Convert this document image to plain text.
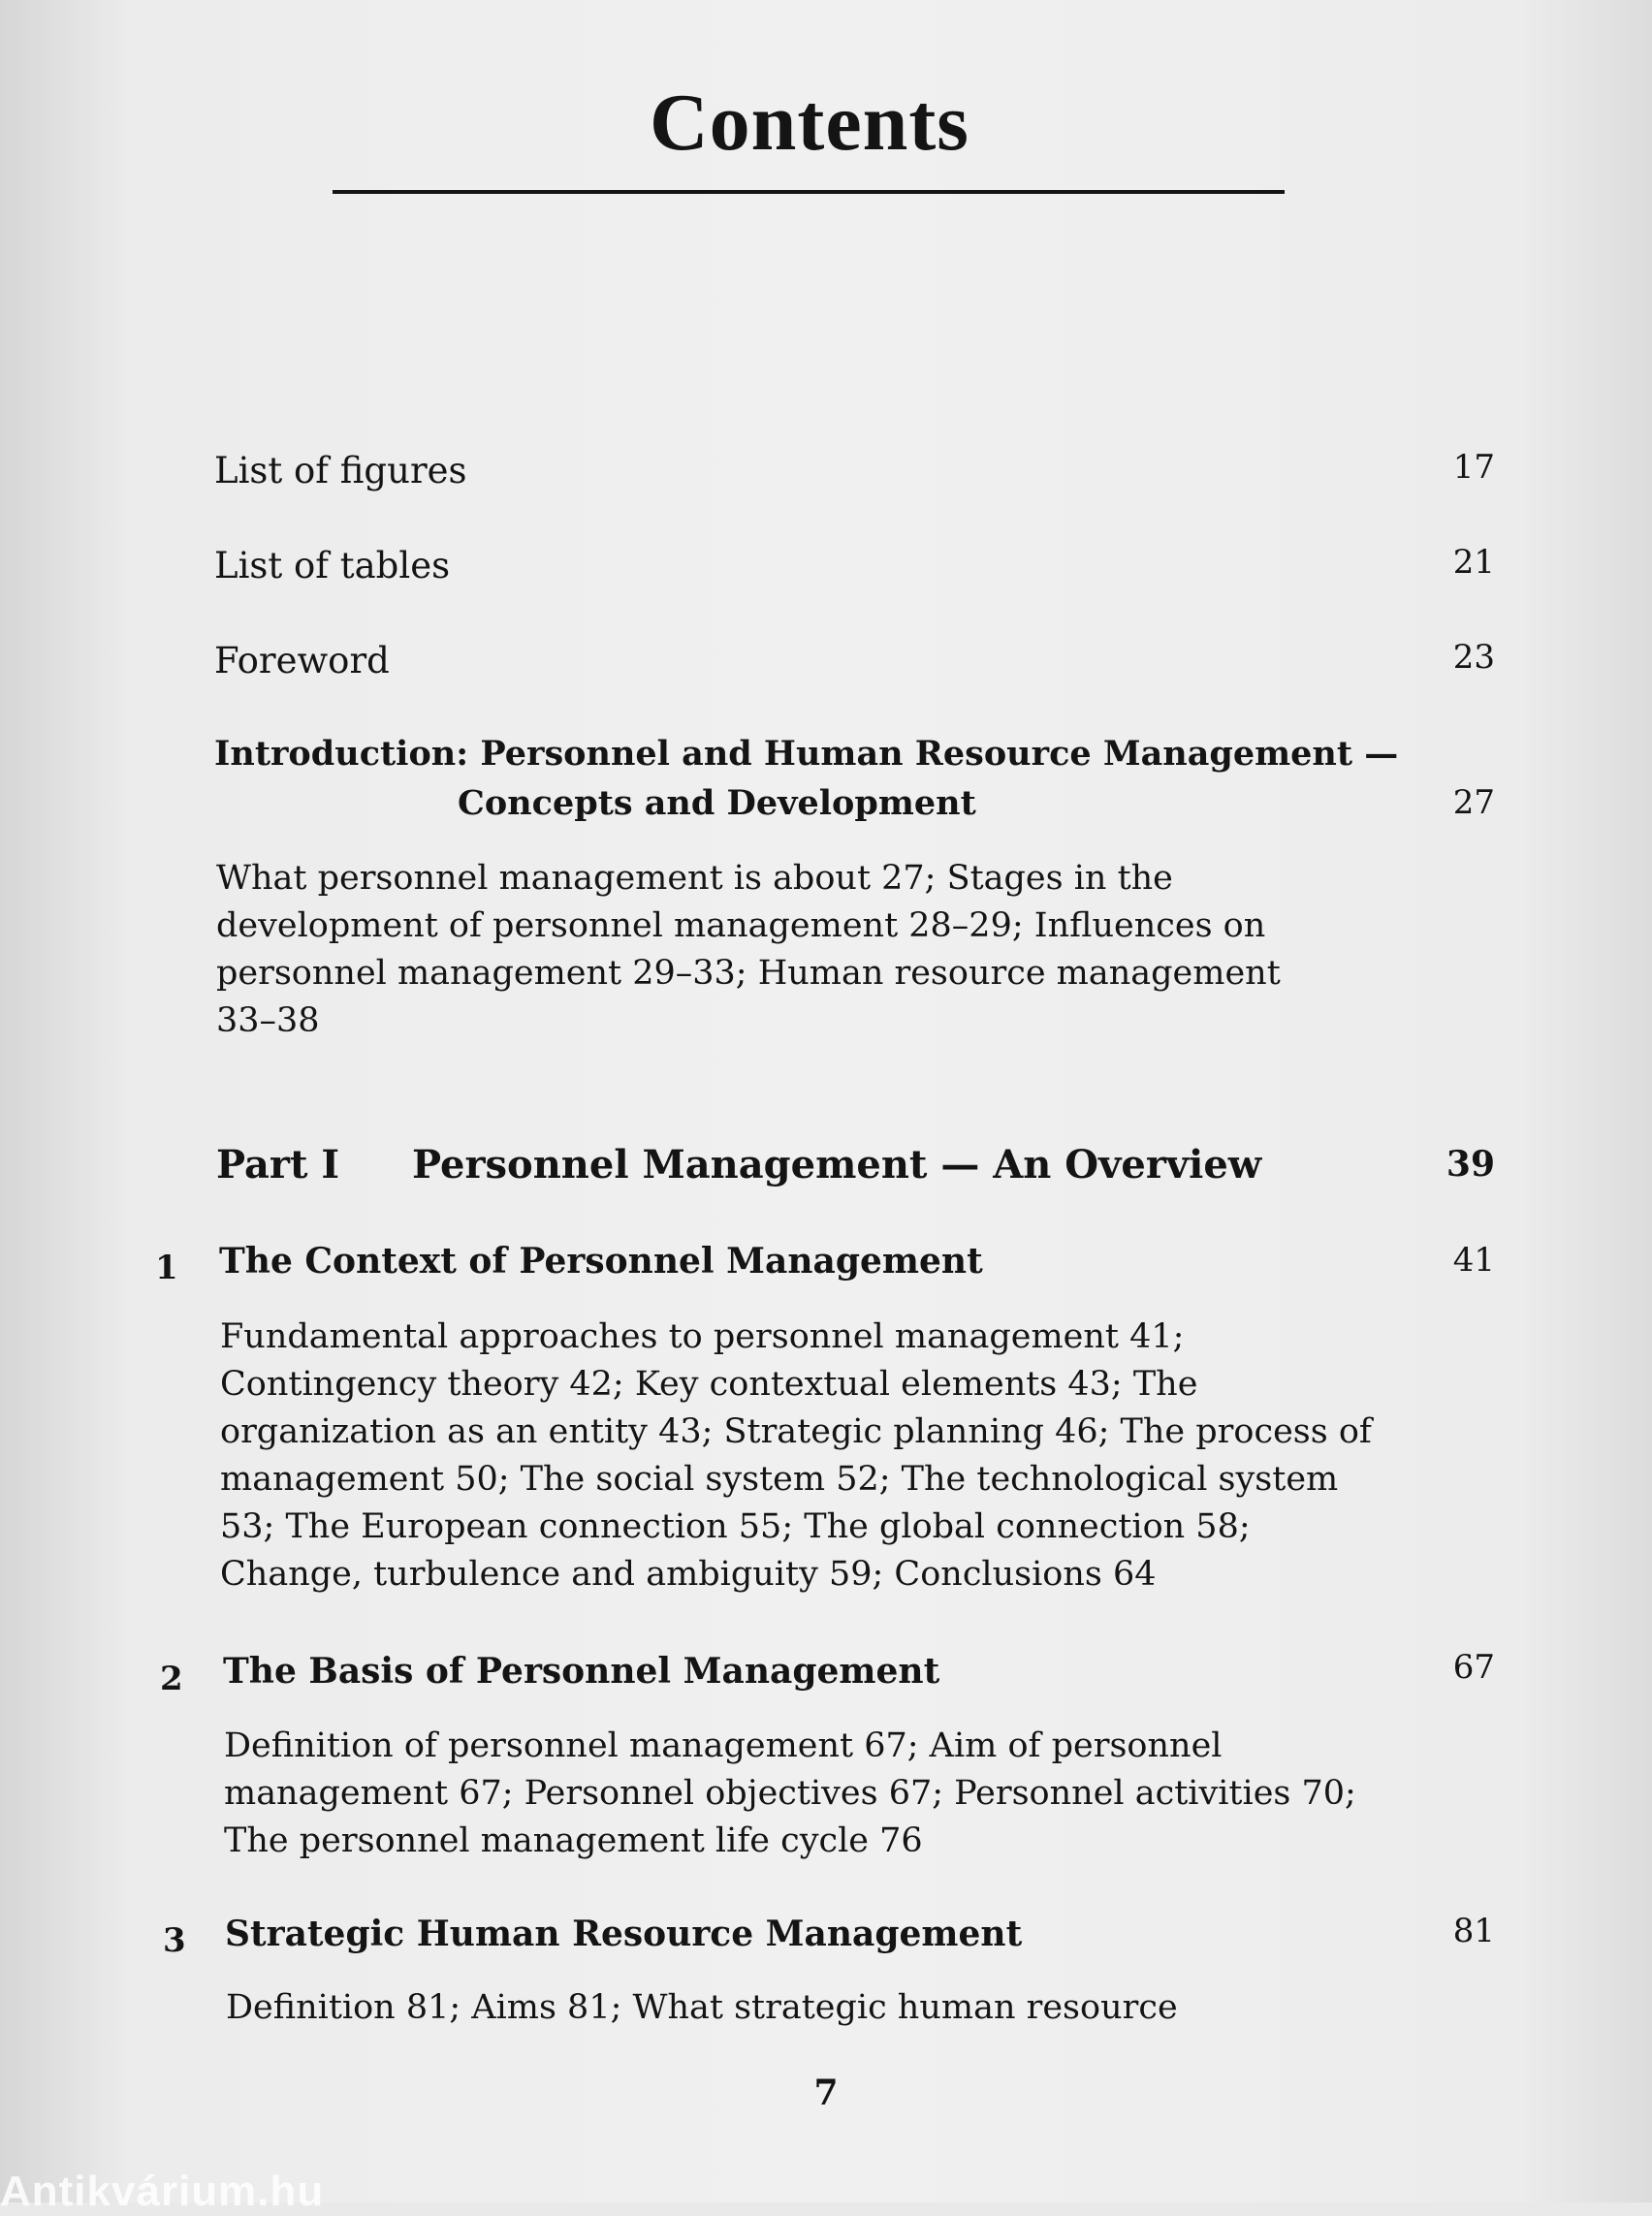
Contents
List of figures	17
List of tables	21
Foreword	23
Introduction: Personnel and Human Resource Management —
Concepts and Development	27
What personnel management is about 27; Stages in the
development of personnel management 28–29; Influences on
personnel management 29–33; Human resource management
33–38
Part I Personnel Management — An Overview	39
1 The Context of Personnel Management	41
Fundamental approaches to personnel management 41;
Contingency theory 42; Key contextual elements 43; The
organization as an entity 43; Strategic planning 46; The process of
management 50; The social system 52; The technological system
53; The European connection 55; The global connection 58;
Change, turbulence and ambiguity 59; Conclusions 64
2 The Basis of Personnel Management	67
Definition of personnel management 67; Aim of personnel
management 67; Personnel objectives 67; Personnel activities 70;
The personnel management life cycle 76
3 Strategic Human Resource Management	81
Definition 81; Aims 81; What strategic human resource
7
Antikvárium.hu
